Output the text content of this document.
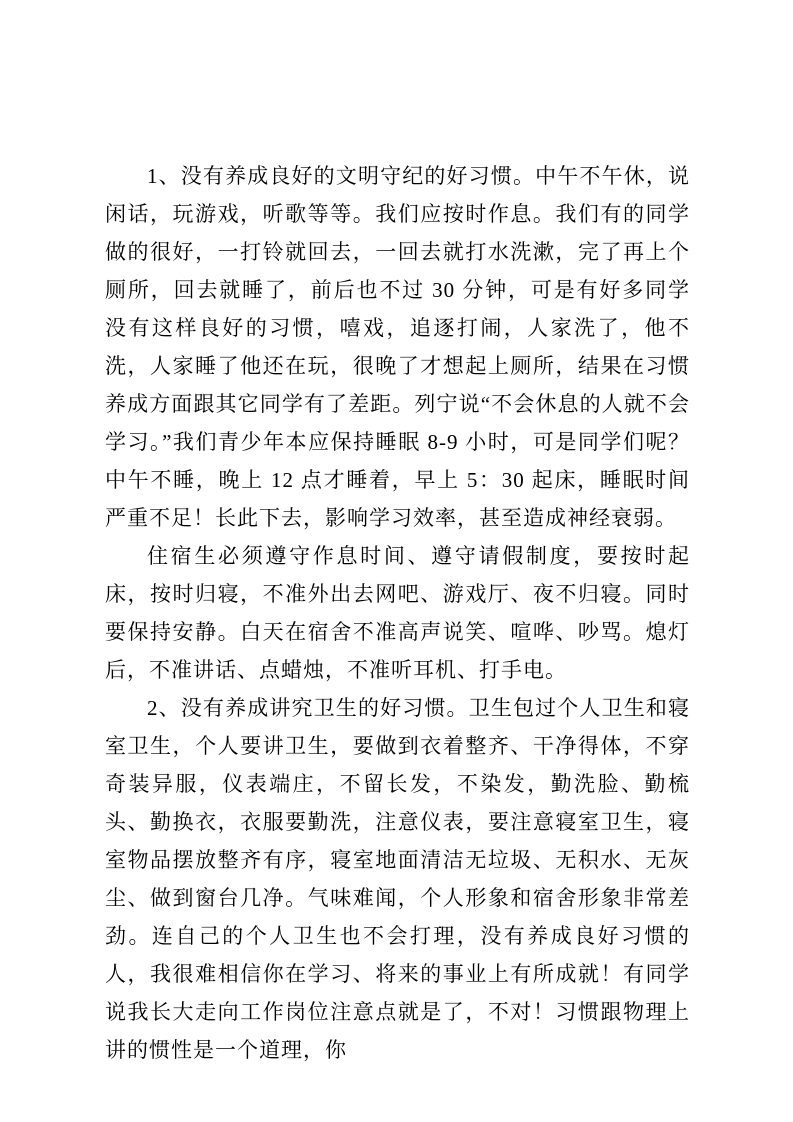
1、没有养成良好的文明守纪的好习惯。中午不午休，说闲话，玩游戏，听歌等等。我们应按时作息。我们有的同学做的很好，一打铃就回去，一回去就打水洗漱，完了再上个厕所，回去就睡了，前后也不过 30 分钟，可是有好多同学没有这样良好的习惯，嘻戏，追逐打闹，人家洗了，他不洗，人家睡了他还在玩，很晚了才想起上厕所，结果在习惯养成方面跟其它同学有了差距。列宁说“不会休息的人就不会学习。”我们青少年本应保持睡眠 8-9 小时，可是同学们呢？中午不睡，晚上 12 点才睡着，早上 5：30 起床，睡眠时间严重不足！长此下去，影响学习效率，甚至造成神经衰弱。

住宿生必须遵守作息时间、遵守请假制度，要按时起床，按时归寝，不准外出去网吧、游戏厅、夜不归寝。同时要保持安静。白天在宿舍不准高声说笑、喧哗、吵骂。熄灯后，不准讲话、点蜡烛，不准听耳机、打手电。

2、没有养成讲究卫生的好习惯。卫生包过个人卫生和寝室卫生，个人要讲卫生，要做到衣着整齐、干净得体，不穿奇装异服，仪表端庄，不留长发，不染发，勤洗脸、勤梳头、勤换衣，衣服要勤洗，注意仪表，要注意寝室卫生，寝室物品摆放整齐有序，寝室地面清洁无垃圾、无积水、无灰尘、做到窗台几净。气味难闻，个人形象和宿舍形象非常差劲。连自己的个人卫生也不会打理，没有养成良好习惯的人，我很难相信你在学习、将来的事业上有所成就！有同学说我长大走向工作岗位注意点就是了，不对！习惯跟物理上讲的惯性是一个道理，你
